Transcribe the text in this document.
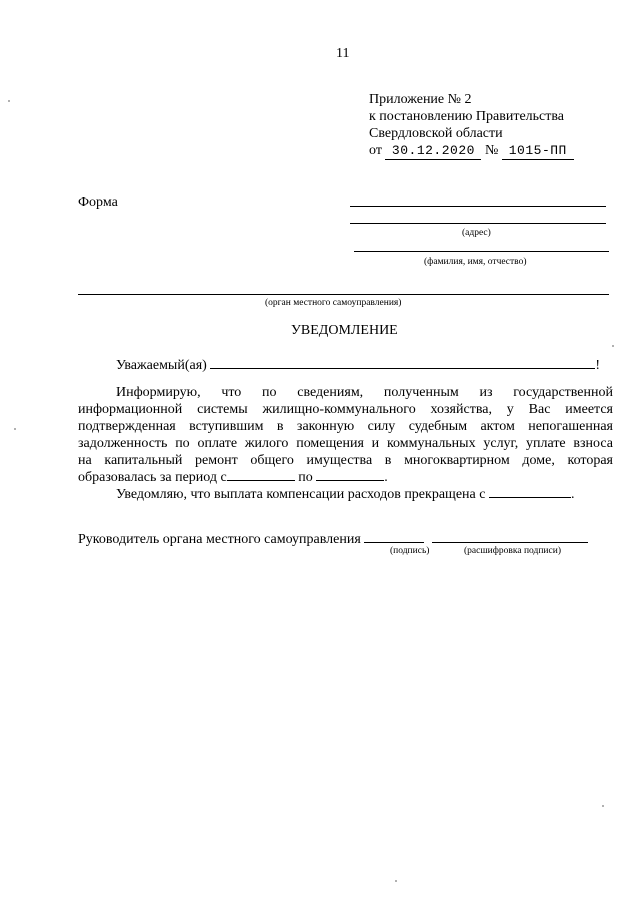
11
Приложение № 2
к постановлению Правительства
Свердловской области
от 30.12.2020 № 1015-ПП
Форма
(адрес)
(фамилия, имя, отчество)
(орган местного самоуправления)
УВЕДОМЛЕНИЕ
Уважаемый(ая)	!
Информирую, что по сведениям, полученным из государственной
информационной системы жилищно-коммунального хозяйства, у Вас имеется
подтвержденная вступившим в законную силу судебным актом непогашенная
задолженность по оплате жилого помещения и коммунальных услуг, уплате взноса
на капитальный ремонт общего имущества в многоквартирном доме, которая
образовалась за период с	по	.
Уведомляю, что выплата компенсации расходов прекращена с	.
Руководитель органа местного самоуправления
(подпись)	(расшифровка подписи)
